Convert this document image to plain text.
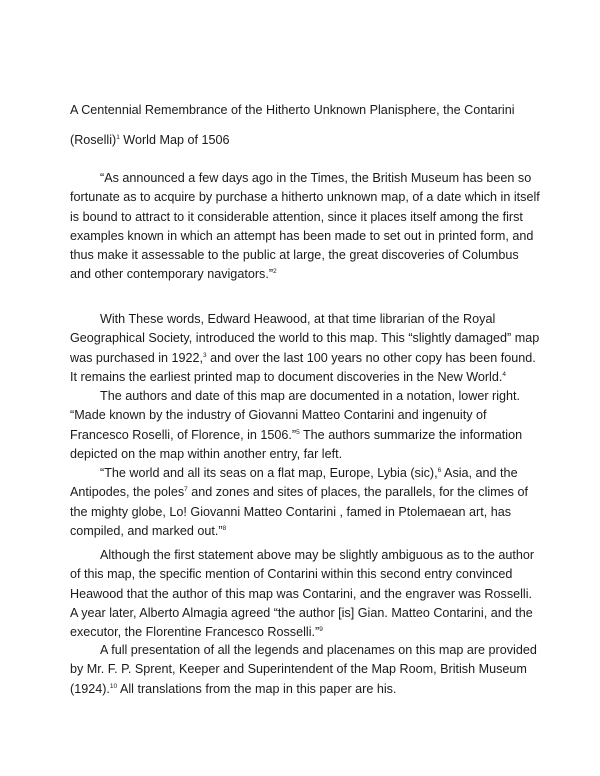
A Centennial Remembrance of the Hitherto Unknown Planisphere, the Contarini
(Roselli)$^1$ World Map of 1506

“As announced a few days ago in the Times, the British Museum has been so fortunate as to acquire by purchase a hitherto unknown map, of a date which in itself is bound to attract to it considerable attention, since it places itself among the first examples known in which an attempt has been made to set out in printed form, and thus make it assessable to the public at large, the great discoveries of Columbus and other contemporary navigators.”$^2$

With These words, Edward Heawood, at that time librarian of the Royal Geographical Society, introduced the world to this map. This “slightly damaged” map was purchased in 1922,$^3$ and over the last 100 years no other copy has been found. It remains the earliest printed map to document discoveries in the New World.$^4$

The authors and date of this map are documented in a notation, lower right. “Made known by the industry of Giovanni Matteo Contarini and ingenuity of Francesco Roselli, of Florence, in 1506.”$^5$ The authors summarize the information depicted on the map within another entry, far left.

“The world and all its seas on a flat map, Europe, Lybia (sic),$^6$ Asia, and the Antipodes, the poles$^7$ and zones and sites of places, the parallels, for the climes of the mighty globe, Lo! Giovanni Matteo Contarini , famed in Ptolemaean art, has compiled, and marked out.”$^8$

Although the first statement above may be slightly ambiguous as to the author of this map, the specific mention of Contarini within this second entry convinced Heawood that the author of this map was Contarini, and the engraver was Rosselli. A year later, Alberto Almagia agreed “the author [is] Gian. Matteo Contarini, and the executor, the Florentine Francesco Rosselli.”$^9$

A full presentation of all the legends and placenames on this map are provided by Mr. F. P. Sprent, Keeper and Superintendent of the Map Room, British Museum (1924).$^{10}$ All translations from the map in this paper are his.
